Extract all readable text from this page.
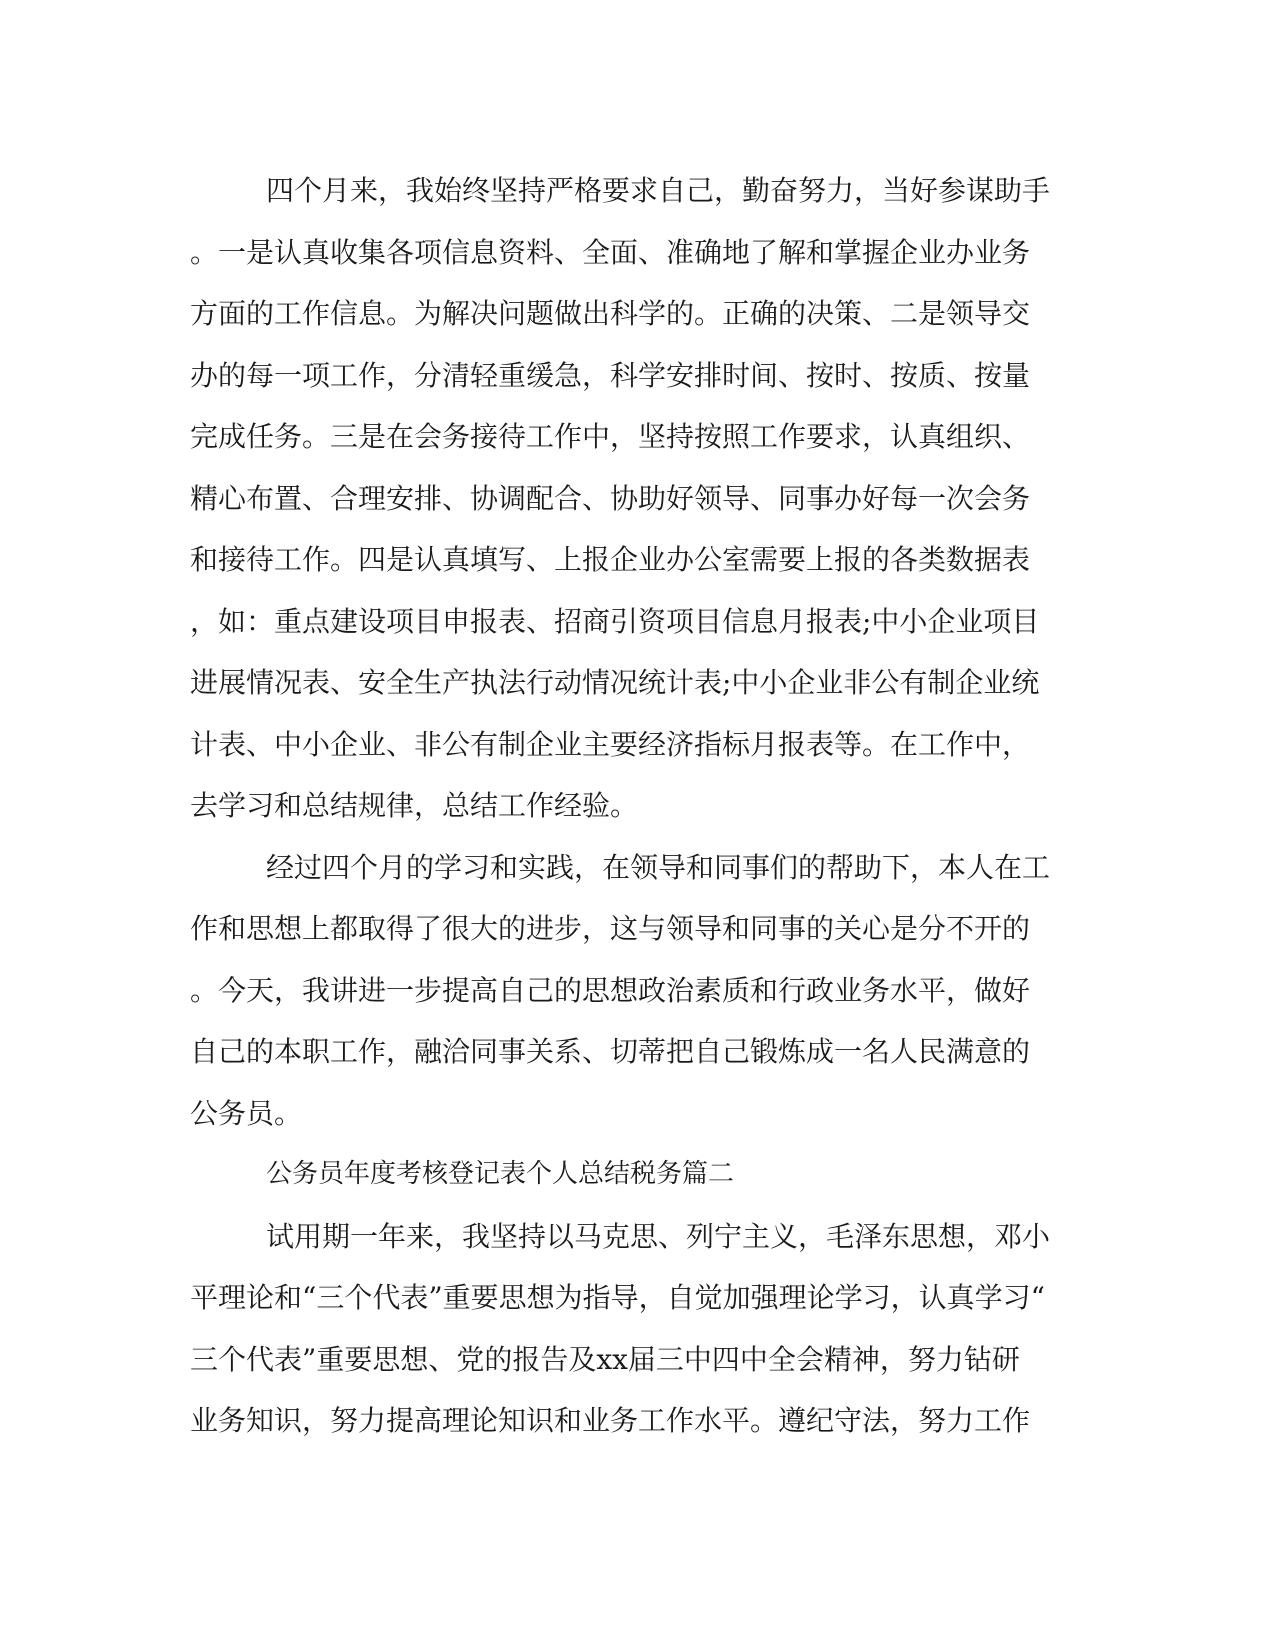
四个月来，我始终坚持严格要求自己，勤奋努力，当好参谋助手
。一是认真收集各项信息资料、全面、准确地了解和掌握企业办业务
方面的工作信息。为解决问题做出科学的。正确的决策、二是领导交
办的每一项工作，分清轻重缓急，科学安排时间、按时、按质、按量
完成任务。三是在会务接待工作中，坚持按照工作要求，认真组织、
精心布置、合理安排、协调配合、协助好领导、同事办好每一次会务
和接待工作。四是认真填写、上报企业办公室需要上报的各类数据表
，如：重点建设项目申报表、招商引资项目信息月报表;中小企业项目
进展情况表、安全生产执法行动情况统计表;中小企业非公有制企业统
计表、中小企业、非公有制企业主要经济指标月报表等。在工作中，
去学习和总结规律，总结工作经验。
经过四个月的学习和实践，在领导和同事们的帮助下，本人在工
作和思想上都取得了很大的进步，这与领导和同事的关心是分不开的
。今天，我讲进一步提高自己的思想政治素质和行政业务水平，做好
自己的本职工作，融洽同事关系、切蒂把自己锻炼成一名人民满意的
公务员。
公务员年度考核登记表个人总结税务篇二
试用期一年来，我坚持以马克思、列宁主义，毛泽东思想，邓小
平理论和“三个代表”重要思想为指导，自觉加强理论学习，认真学习“
三个代表”重要思想、党的报告及xx届三中四中全会精神，努力钻研
业务知识，努力提高理论知识和业务工作水平。遵纪守法，努力工作
